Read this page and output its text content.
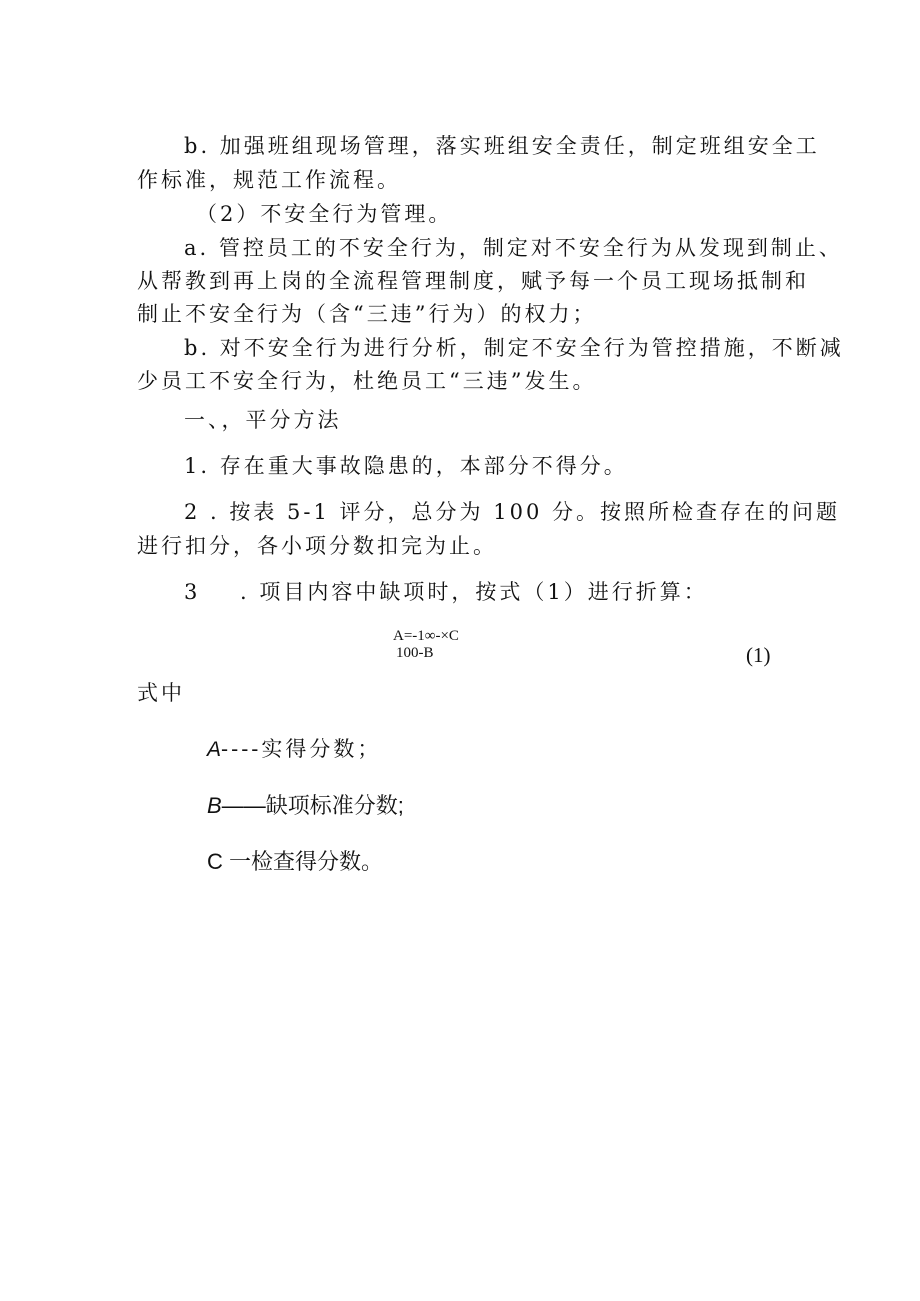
b. 加强班组现场管理，落实班组安全责任，制定班组安全工
作标准，规范工作流程。
（2）不安全行为管理。
a. 管控员工的不安全行为，制定对不安全行为从发现到制止、
从帮教到再上岗的全流程管理制度，赋予每一个员工现场抵制和
制止不安全行为（含“三违”行为）的权力；
b. 对不安全行为进行分析，制定不安全行为管控措施，不断减
少员工不安全行为，杜绝员工“三违”发生。
一、，平分方法
1. 存在重大事故隐患的，本部分不得分。
2 . 按表 5-1 评分，总分为 100 分。按照所检查存在的问题
进行扣分，各小项分数扣完为止。
3 . 项目内容中缺项时，按式（1）进行折算：
A=-1∞-×C
100-B	(1)
式中
A----实得分数；
B——缺项标准分数;
C 一检查得分数。
